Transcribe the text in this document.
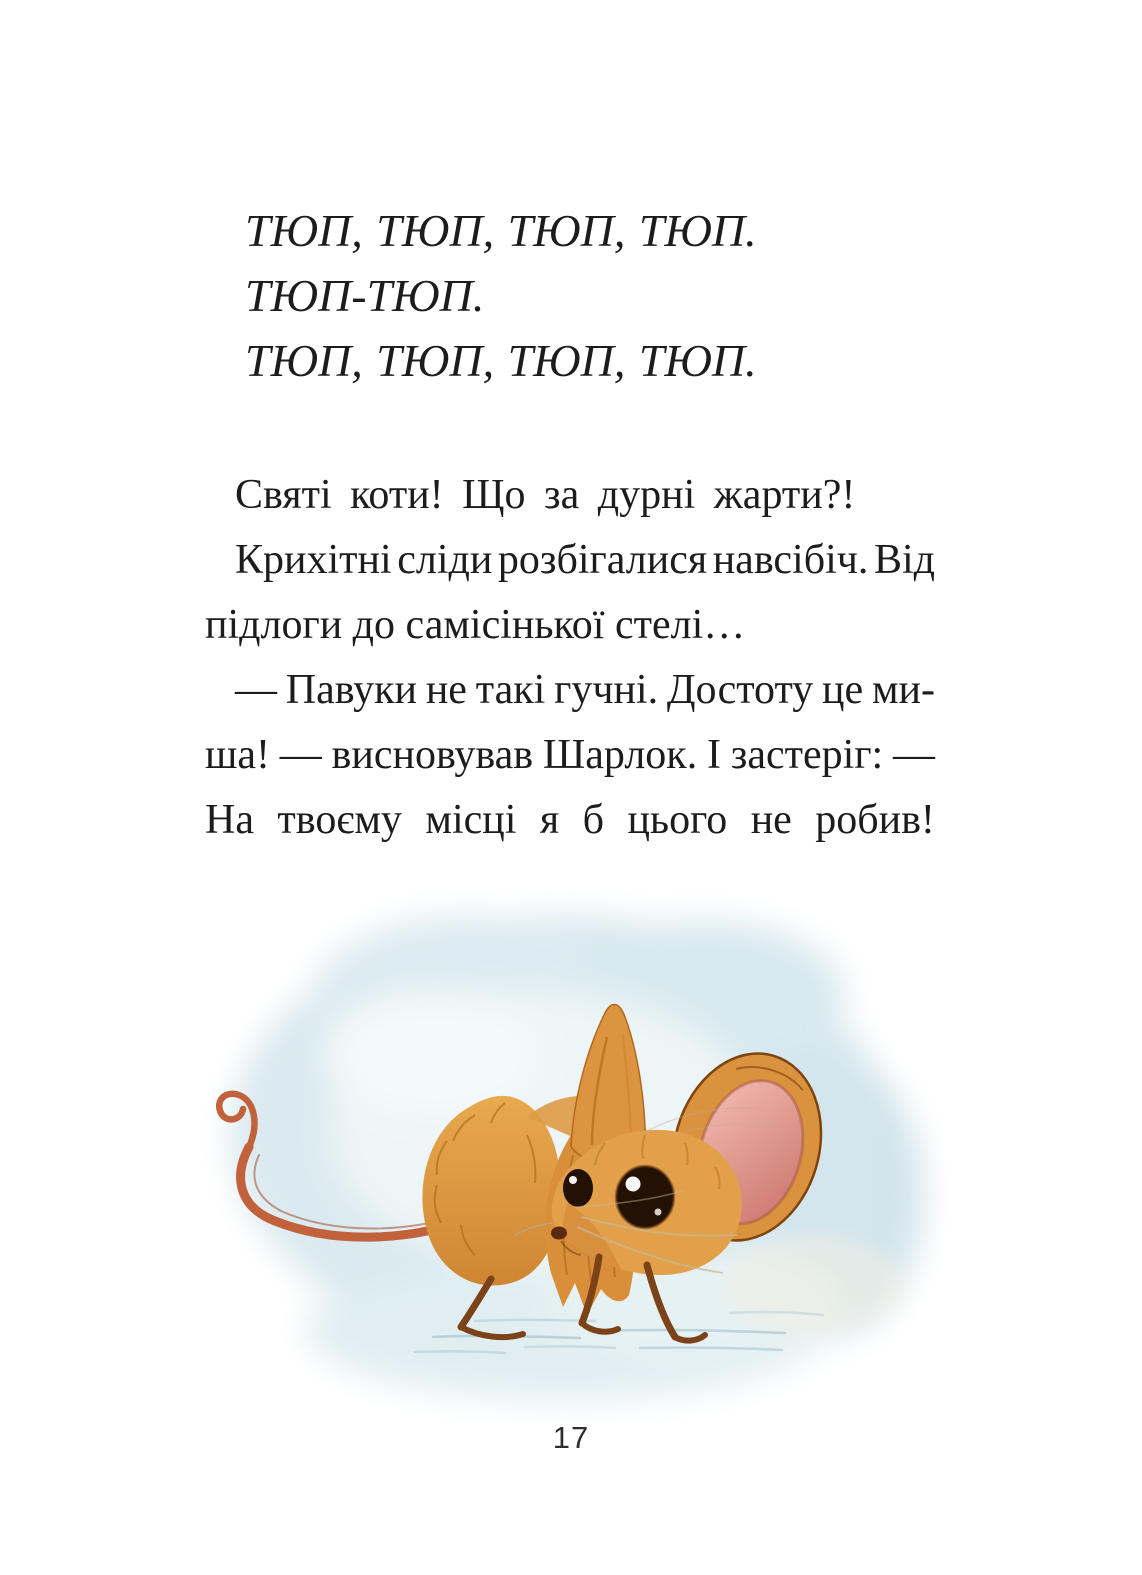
ТЮП, ТЮП, ТЮП, ТЮП.
ТЮП-ТЮП.
ТЮП, ТЮП, ТЮП, ТЮП.
Святі коти! Що за дурні жарти?!
Крихітні сліди розбігалися навсібіч. Від
підлоги до самісінької стелі…
— Павуки не такі гучні. Достоту це ми-
ша! — висновував Шарлок. І застеріг: —
На твоєму місці я б цього не робив!
17
